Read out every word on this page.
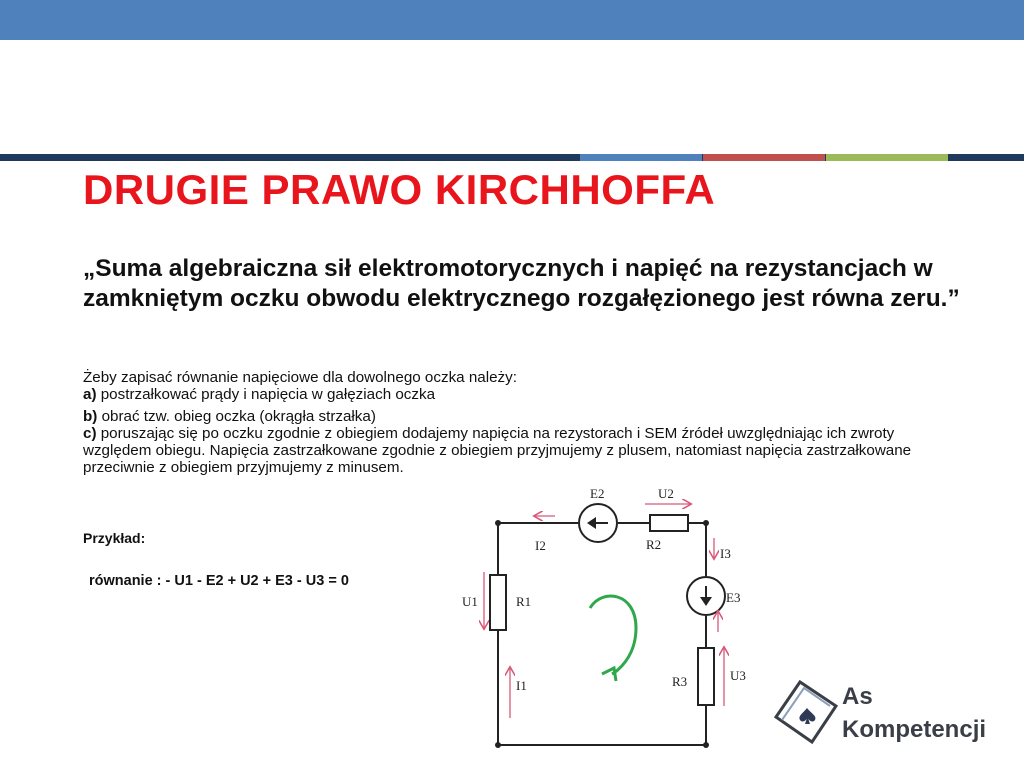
DRUGIE PRAWO KIRCHHOFFA
„Suma algebraiczna sił elektromotorycznych i napięć na rezystancjach w zamkniętym oczku obwodu elektrycznego rozgałęzionego jest równa zeru.”

Żeby zapisać równanie napięciowe dla dowolnego oczka należy:

a) postrzałkować prądy i napięcia w gałęziach oczka

b) obrać tzw. obieg oczka (okrągła strzałka)

c) poruszając się po oczku zgodnie z obiegiem dodajemy napięcia na rezystorach i SEM źródeł uwzględniając ich zwroty względem obiegu. Napięcia zastrzałkowane zgodnie z obiegiem przyjmujemy z plusem, natomiast napięcia zastrzałkowane przeciwnie z obiegiem przyjmujemy z minusem.

Przykład:
równanie : - U1 - E2 + U2 + E3 - U3 = 0
E2	U2
I2	R2
I3
E3
U1	R1
R3	U3
I1	As
Kompetencji
